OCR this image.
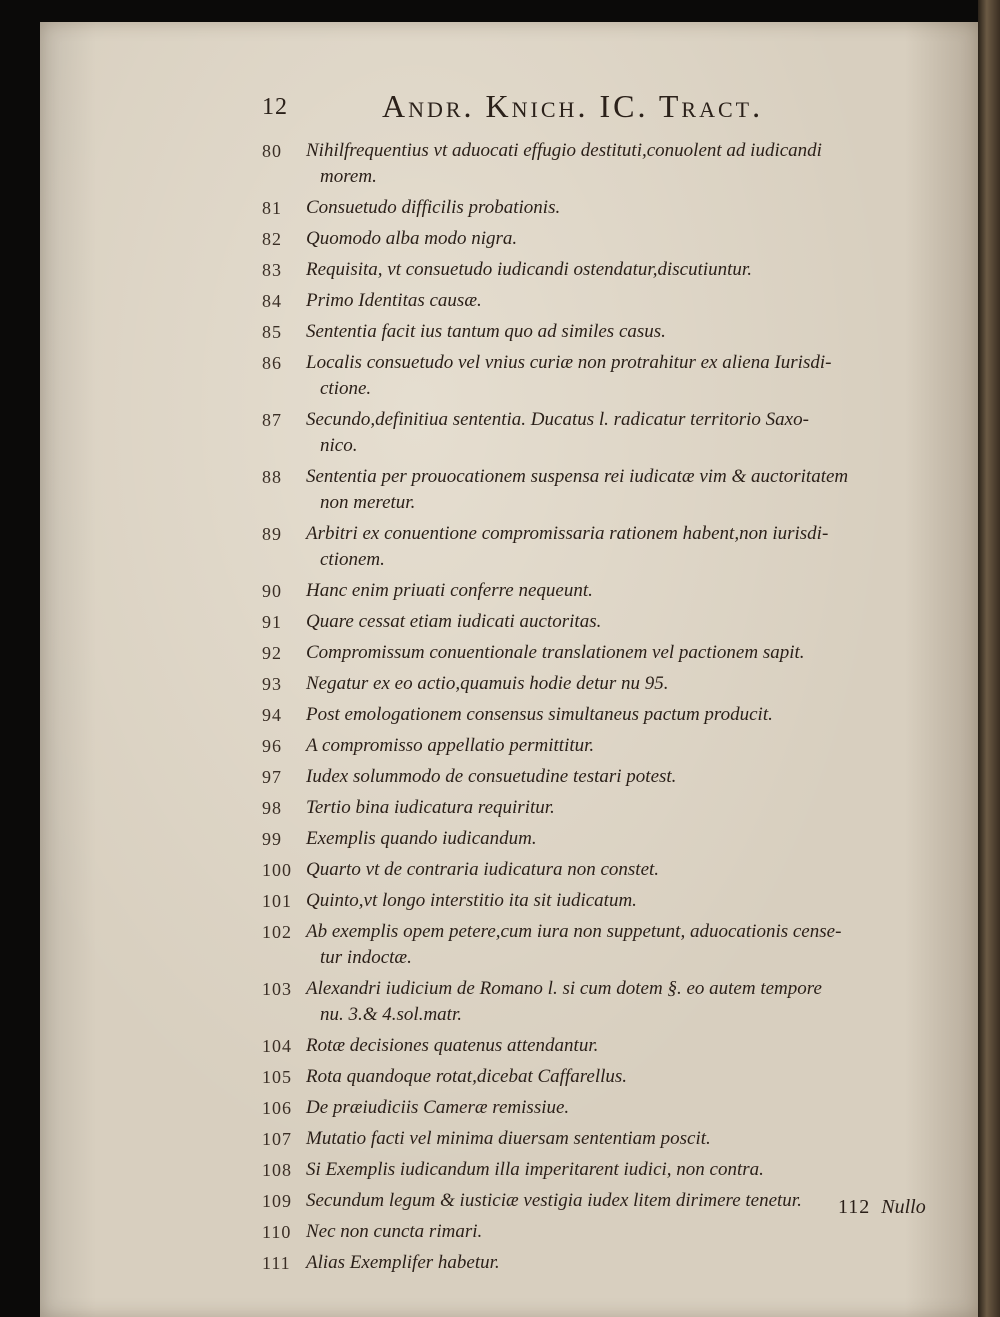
12	Andr. Knich. IC. Tract.
80	Nihilfrequentius vt aduocati effugio destituti,conuolent ad iudicandi
morem.
81	Consuetudo difficilis probationis.
82	Quomodo alba modo nigra.
83	Requisita, vt consuetudo iudicandi ostendatur,discutiuntur.
84	Primo Identitas causæ.
85	Sententia facit ius tantum quo ad similes casus.
86	Localis consuetudo vel vnius curiæ non protrahitur ex aliena Iurisdi-
ctione.
87	Secundo,definitiua sententia. Ducatus l. radicatur territorio Saxo-
nico.
88	Sententia per prouocationem suspensa rei iudicatæ vim & auctoritatem
non meretur.
89	Arbitri ex conuentione compromissaria rationem habent,non iurisdi-
ctionem.
90	Hanc enim priuati conferre nequeunt.
91	Quare cessat etiam iudicati auctoritas.
92	Compromissum conuentionale translationem vel pactionem sapit.
93	Negatur ex eo actio,quamuis hodie detur nu 95.
94	Post emologationem consensus simultaneus pactum producit.
96	A compromisso appellatio permittitur.
97	Iudex solummodo de consuetudine testari potest.
98	Tertio bina iudicatura requiritur.
99	Exemplis quando iudicandum.
100 Quarto vt de contraria iudicatura non constet.
101 Quinto,vt longo interstitio ita sit iudicatum.
102 Ab exemplis opem petere,cum iura non suppetunt, aduocationis cense-
tur indoctæ.
103 Alexandri iudicium de Romano l. si cum dotem §. eo autem tempore
nu. 3.& 4.sol.matr.
104 Rotæ decisiones quatenus attendantur.
105 Rota quandoque rotat,dicebat Caffarellus.
106 De præiudiciis Cameræ remissiue.
107 Mutatio facti vel minima diuersam sententiam poscit.
108 Si Exemplis iudicandum illa imperitarent iudici, non contra.
109 Secundum legum & iusticiæ vestigia iudex litem dirimere tenetur.
110 Nec non cuncta rimari.
111 Alias Exemplifer habetur.
112 Nullo
